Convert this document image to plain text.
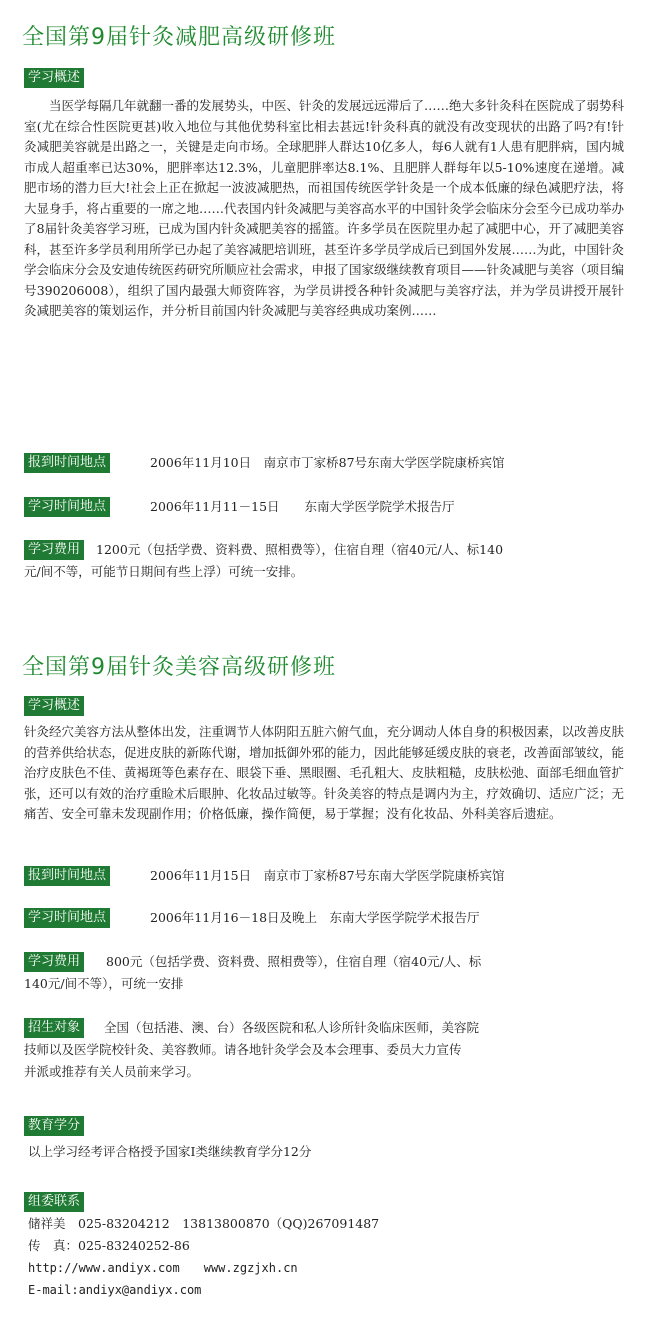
全国第9届针灸减肥高级研修班
学习概述
当医学每隔几年就翻一番的发展势头，中医、针灸的发展远远滞后了……绝大多针灸科在医院成了弱势科室(尤在综合性医院更甚)收入地位与其他优势科室比相去甚远!针灸科真的就没有改变现状的出路了吗?有!针灸减肥美容就是出路之一，关键是走向市场。全球肥胖人群达10亿多人，每6人就有1人患有肥胖病，国内城市成人超重率已达30%，肥胖率达12.3%，儿童肥胖率达8.1%、且肥胖人群每年以5-10%速度在递增。减肥市场的潜力巨大!社会上正在掀起一波波减肥热，而祖国传统医学针灸是一个成本低廉的绿色减肥疗法，将大显身手，将占重要的一席之地……代表国内针灸减肥与美容高水平的中国针灸学会临床分会至今已成功举办了8届针灸美容学习班，已成为国内针灸减肥美容的摇篮。许多学员在医院里办起了减肥中心，开了减肥美容科，甚至许多学员利用所学已办起了美容减肥培训班，甚至许多学员学成后已到国外发展……为此，中国针灸学会临床分会及安迪传统医药研究所顺应社会需求，申报了国家级继续教育项目——针灸减肥与美容（项目编号390206008），组织了国内最强大师资阵容，为学员讲授各种针灸减肥与美容疗法，并为学员讲授开展针灸减肥美容的策划运作，并分析目前国内针灸减肥与美容经典成功案例……
报到时间地点	2006年11月10日　南京市丁家桥87号东南大学医学院康桥宾馆
学习时间地点	2006年11月11－15日　　东南大学医学院学术报告厅
学习费用	1200元（包括学费、资料费、照相费等），住宿自理（宿40元/人、标140
元/间不等，可能节日期间有些上浮）可统一安排。
全国第9届针灸美容高级研修班
学习概述
针灸经穴美容方法从整体出发，注重调节人体阴阳五脏六俯气血，充分调动人体自身的积极因素，以改善皮肤的营养供给状态，促进皮肤的新陈代谢，增加抵御外邪的能力，因此能够延缓皮肤的衰老，改善面部皱纹，能治疗皮肤色不佳、黄褐斑等色素存在、眼袋下垂、黑眼圈、毛孔粗大、皮肤粗糙，皮肤松弛、面部毛细血管扩张，还可以有效的治疗重睑术后眼肿、化妆品过敏等。针灸美容的特点是调内为主，疗效确切、适应广泛；无痛苦、安全可靠未发现副作用；价格低廉，操作简便，易于掌握；没有化妆品、外科美容后遗症。
报到时间地点	2006年11月15日　南京市丁家桥87号东南大学医学院康桥宾馆
学习时间地点	2006年11月16－18日及晚上　东南大学医学院学术报告厅
学习费用	800元（包括学费、资料费、照相费等），住宿自理（宿40元/人、标
140元/间不等），可统一安排
招生对象	全国（包括港、澳、台）各级医院和私人诊所针灸临床医师，美容院
技师以及医学院校针灸、美容教师。请各地针灸学会及本会理事、委员大力宣传
并派或推荐有关人员前来学习。
教育学分
以上学习经考评合格授予国家Ⅰ类继续教育学分12分
组委联系
储祥美　025-83204212　13813800870（QQ)267091487
传　真：025-83240252-86
http://www.andiyx.com　　www.zgzjxh.cn
E-mail:andiyx@andiyx.com
